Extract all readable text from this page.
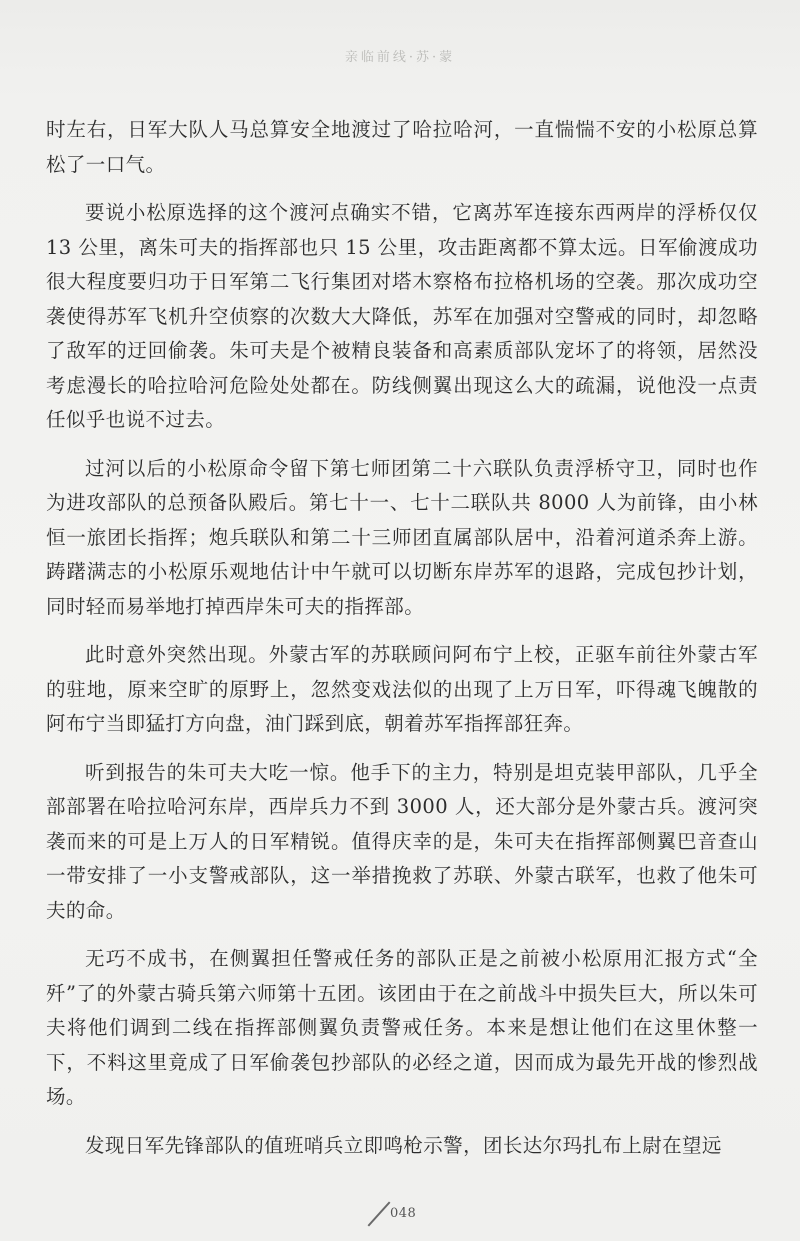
亲临前线·苏·蒙

时左右，日军大队人马总算安全地渡过了哈拉哈河，一直惴惴不安的小松原总算松了一口气。

要说小松原选择的这个渡河点确实不错，它离苏军连接东西两岸的浮桥仅仅 13 公里，离朱可夫的指挥部也只 15 公里，攻击距离都不算太远。日军偷渡成功很大程度要归功于日军第二飞行集团对塔木察格布拉格机场的空袭。那次成功空袭使得苏军飞机升空侦察的次数大大降低，苏军在加强对空警戒的同时，却忽略了敌军的迂回偷袭。朱可夫是个被精良装备和高素质部队宠坏了的将领，居然没考虑漫长的哈拉哈河危险处处都在。防线侧翼出现这么大的疏漏，说他没一点责任似乎也说不过去。

过河以后的小松原命令留下第七师团第二十六联队负责浮桥守卫，同时也作为进攻部队的总预备队殿后。第七十一、七十二联队共 8000 人为前锋，由小林恒一旅团长指挥；炮兵联队和第二十三师团直属部队居中，沿着河道杀奔上游。踌躇满志的小松原乐观地估计中午就可以切断东岸苏军的退路，完成包抄计划，同时轻而易举地打掉西岸朱可夫的指挥部。

此时意外突然出现。外蒙古军的苏联顾问阿布宁上校，正驱车前往外蒙古军的驻地，原来空旷的原野上，忽然变戏法似的出现了上万日军，吓得魂飞魄散的阿布宁当即猛打方向盘，油门踩到底，朝着苏军指挥部狂奔。

听到报告的朱可夫大吃一惊。他手下的主力，特别是坦克装甲部队，几乎全部部署在哈拉哈河东岸，西岸兵力不到 3000 人，还大部分是外蒙古兵。渡河突袭而来的可是上万人的日军精锐。值得庆幸的是，朱可夫在指挥部侧翼巴音查山一带安排了一小支警戒部队，这一举措挽救了苏联、外蒙古联军，也救了他朱可夫的命。

无巧不成书，在侧翼担任警戒任务的部队正是之前被小松原用汇报方式“全歼”了的外蒙古骑兵第六师第十五团。该团由于在之前战斗中损失巨大，所以朱可夫将他们调到二线在指挥部侧翼负责警戒任务。本来是想让他们在这里休整一下，不料这里竟成了日军偷袭包抄部队的必经之道，因而成为最先开战的惨烈战场。

发现日军先锋部队的值班哨兵立即鸣枪示警，团长达尔玛扎布上尉在望远

048
